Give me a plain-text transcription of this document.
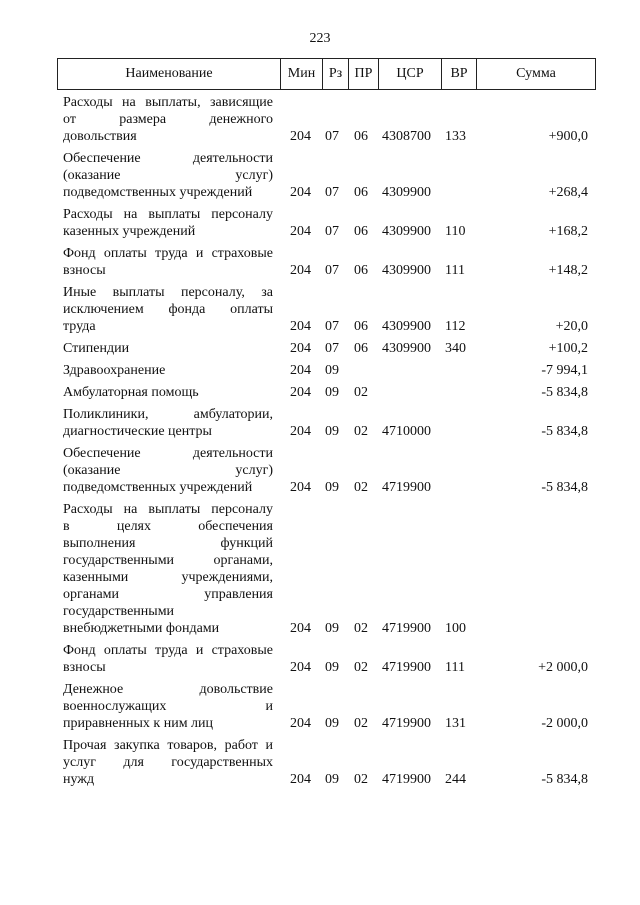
223
Наименование	Мин Рз ПР	ЦСР	ВР	Сумма
Расходы на выплаты, зависящие
от размера денежного
довольствия	204 07 06 4308700 133	+900,0
Обеспечение деятельности
(оказание услуг)
подведомственных учреждений	204 07 06 4309900	+268,4
Расходы на выплаты персоналу
казенных учреждений	204 07 06 4309900 110	+168,2
Фонд оплаты труда и страховые
взносы	204 07 06 4309900 111	+148,2
Иные выплаты персоналу, за
исключением фонда оплаты
труда	204 07 06 4309900 112	+20,0
Стипендии	204 07 06 4309900 340	+100,2
Здравоохранение	204 09	-7 994,1
Амбулаторная помощь	204 09 02	-5 834,8
Поликлиники, амбулатории,
диагностические центры	204 09 02 4710000	-5 834,8
Обеспечение деятельности
(оказание услуг)
подведомственных учреждений	204 09 02 4719900	-5 834,8
Расходы на выплаты персоналу
в целях обеспечения
выполнения функций
государственными органами,
казенными учреждениями,
органами управления
государственными
внебюджетными фондами	204 09 02 4719900 100
Фонд оплаты труда и страховые
взносы	204 09 02 4719900 111	+2 000,0
Денежное довольствие
военнослужащих и
приравненных к ним лиц	204 09 02 4719900 131	-2 000,0
Прочая закупка товаров, работ и
услуг для государственных
нужд	204 09 02 4719900 244	-5 834,8
